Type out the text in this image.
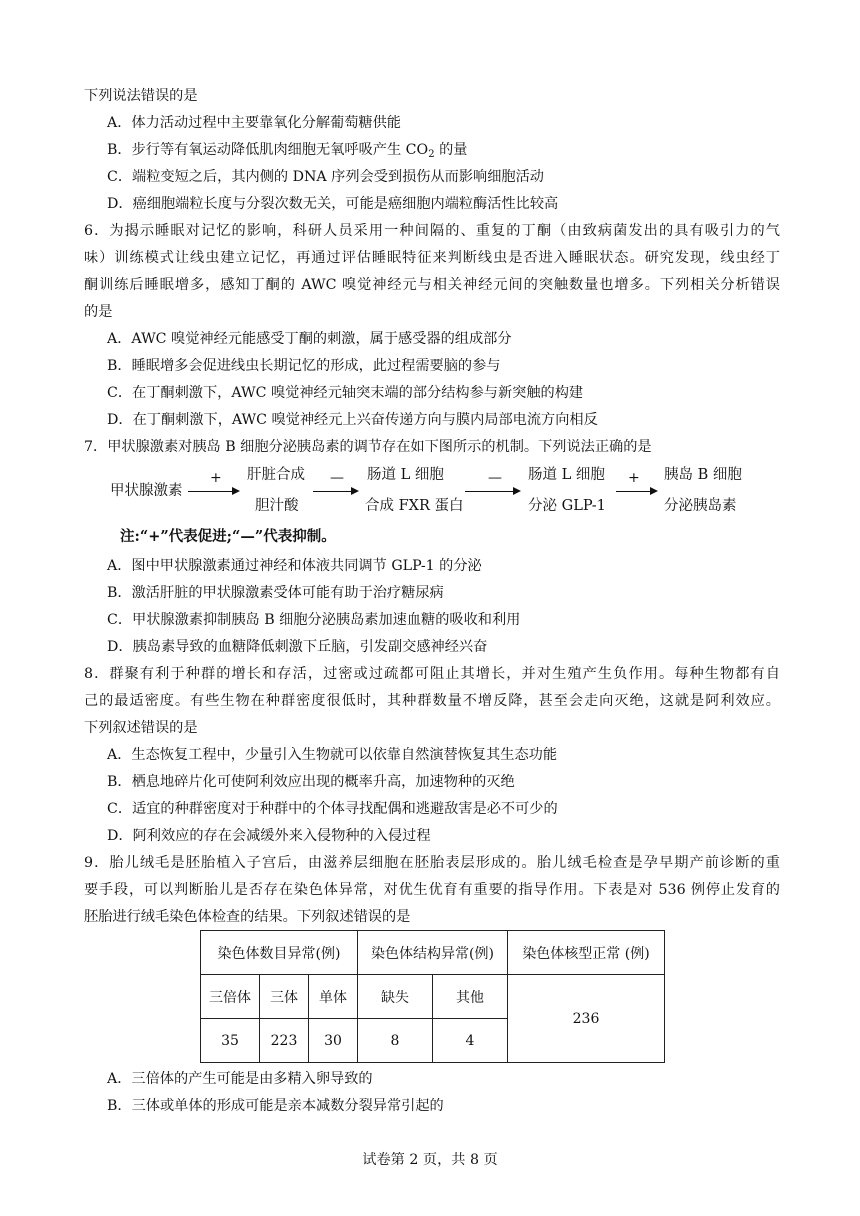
下列说法错误的是
A．体力活动过程中主要靠氧化分解葡萄糖供能
B．步行等有氧运动降低肌肉细胞无氧呼吸产生 $CO_2$ 的量
C．端粒变短之后，其内侧的 DNA 序列会受到损伤从而影响细胞活动
D．癌细胞端粒长度与分裂次数无关，可能是癌细胞内端粒酶活性比较高
6．为揭示睡眠对记忆的影响，科研人员采用一种间隔的、重复的丁酮（由致病菌发出的具有吸引力的气
味）训练模式让线虫建立记忆，再通过评估睡眠特征来判断线虫是否进入睡眠状态。研究发现，线虫经丁
酮训练后睡眠增多，感知丁酮的 AWC 嗅觉神经元与相关神经元间的突触数量也增多。下列相关分析错误
的是
A．AWC 嗅觉神经元能感受丁酮的刺激，属于感受器的组成部分
B．睡眠增多会促进线虫长期记忆的形成，此过程需要脑的参与
C．在丁酮刺激下，AWC 嗅觉神经元轴突末端的部分结构参与新突触的构建
D．在丁酮刺激下，AWC 嗅觉神经元上兴奋传递方向与膜内局部电流方向相反
7．甲状腺激素对胰岛 B 细胞分泌胰岛素的调节存在如下图所示的机制。下列说法正确的是
甲状腺激素
+ 肝脏合成
胆汁酸
— 肠道 L 细胞
合成 FXR 蛋白
— 肠道 L 细胞
分泌 GLP-1
+ 胰岛 B 细胞
分泌胰岛素
注:“+”代表促进;“—”代表抑制。
A．图中甲状腺激素通过神经和体液共同调节 GLP-1 的分泌
B．激活肝脏的甲状腺激素受体可能有助于治疗糖尿病
C．甲状腺激素抑制胰岛 B 细胞分泌胰岛素加速血糖的吸收和利用
D．胰岛素导致的血糖降低刺激下丘脑，引发副交感神经兴奋
8．群聚有利于种群的增长和存活，过密或过疏都可阻止其增长，并对生殖产生负作用。每种生物都有自
己的最适密度。有些生物在种群密度很低时，其种群数量不增反降，甚至会走向灭绝，这就是阿利效应。
下列叙述错误的是
A．生态恢复工程中，少量引入生物就可以依靠自然演替恢复其生态功能
B．栖息地碎片化可使阿利效应出现的概率升高，加速物种的灭绝
C．适宜的种群密度对于种群中的个体寻找配偶和逃避敌害是必不可少的
D．阿利效应的存在会减缓外来入侵物种的入侵过程
9．胎儿绒毛是胚胎植入子宫后，由滋养层细胞在胚胎表层形成的。胎儿绒毛检查是孕早期产前诊断的重
要手段，可以判断胎儿是否存在染色体异常，对优生优育有重要的指导作用。下表是对 536 例停止发育的
胚胎进行绒毛染色体检查的结果。下列叙述错误的是
染色体数目异常(例)			染色体结构异常(例)		染色体核型正常 (例)
三倍体	三体	单体	缺失	其他	236
35	223	30	8	4	
A．三倍体的产生可能是由多精入卵导致的
B．三体或单体的形成可能是亲本减数分裂异常引起的
试卷第 2 页，共 8 页
